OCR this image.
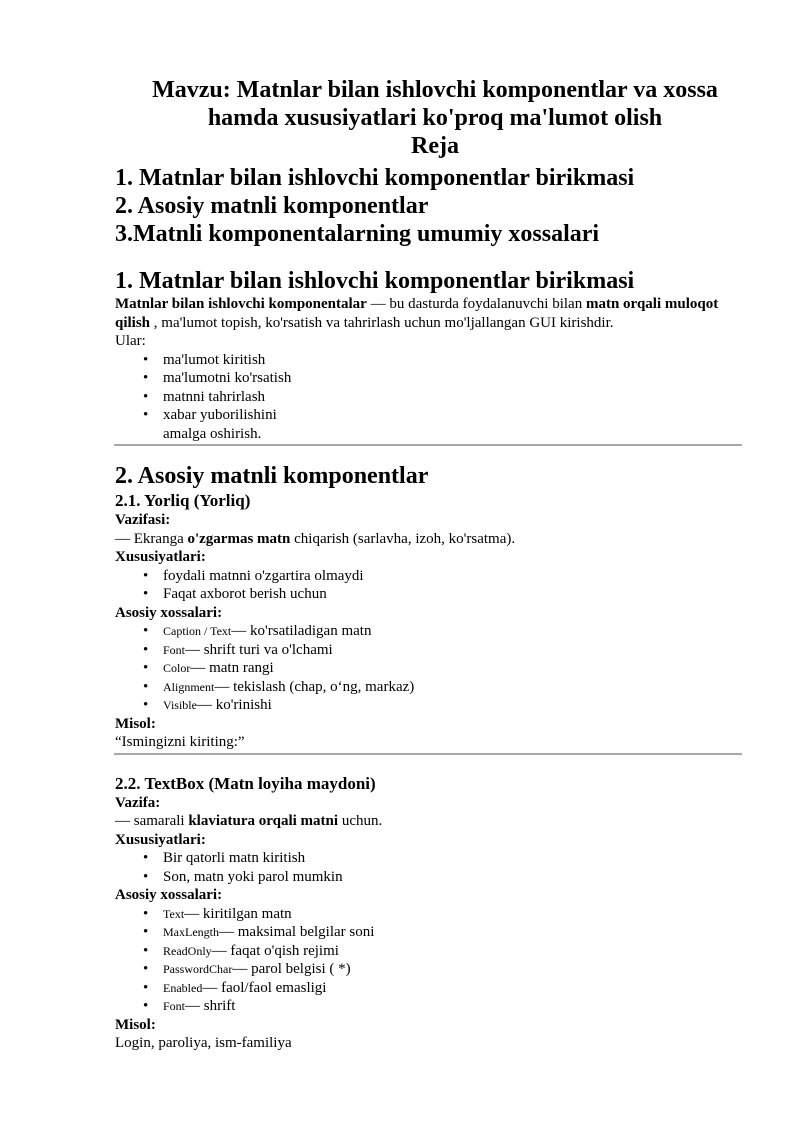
Mavzu: Matnlar bilan ishlovchi komponentlar va xossa
hamda xususiyatlari ko'proq ma'lumot olish
Reja
1. Matnlar bilan ishlovchi komponentlar birikmasi
2. Asosiy matnli komponentlar
3.Matnli komponentalarning umumiy xossalari
1. Matnlar bilan ishlovchi komponentlar birikmasi

Matnlar bilan ishlovchi komponentalar — bu dasturda foydalanuvchi bilan matn orqali muloqot qilish , ma'lumot topish, ko'rsatish va tahrirlash uchun mo'ljallangan GUI kirishdir.

Ular:

• ma'lumot kiritish
• ma'lumotni ko'rsatish
• matnni tahrirlash
• xabar yuborilishini
amalga oshirish.
2. Asosiy matnli komponentlar
2.1. Yorliq (Yorliq)

Vazifasi:

— Ekranga o'zgarmas matn chiqarish (sarlavha, izoh, ko'rsatma).

Xususiyatlari:

• foydali matnni o'zgartira olmaydi
• Faqat axborot berish uchun

Asosiy xossalari:

• Caption / Text— ko'rsatiladigan matn
• Font— shrift turi va o'lchami
• Color— matn rangi
• Alignment— tekislash (chap, o‘ng, markaz)
• Visible— ko'rinishi

Misol:

“Ismingizni kiriting:”

2.2. TextBox (Matn loyiha maydoni)

Vazifa:

— samarali klaviatura orqali matni uchun.

Xususiyatlari:

• Bir qatorli matn kiritish
• Son, matn yoki parol mumkin

Asosiy xossalari:

• Text— kiritilgan matn
• MaxLength— maksimal belgilar soni
• ReadOnly— faqat o'qish rejimi
• PasswordChar— parol belgisi ( *)
• Enabled— faol/faol emasligi
• Font— shrift

Misol:

Login, paroliya, ism-familiya
